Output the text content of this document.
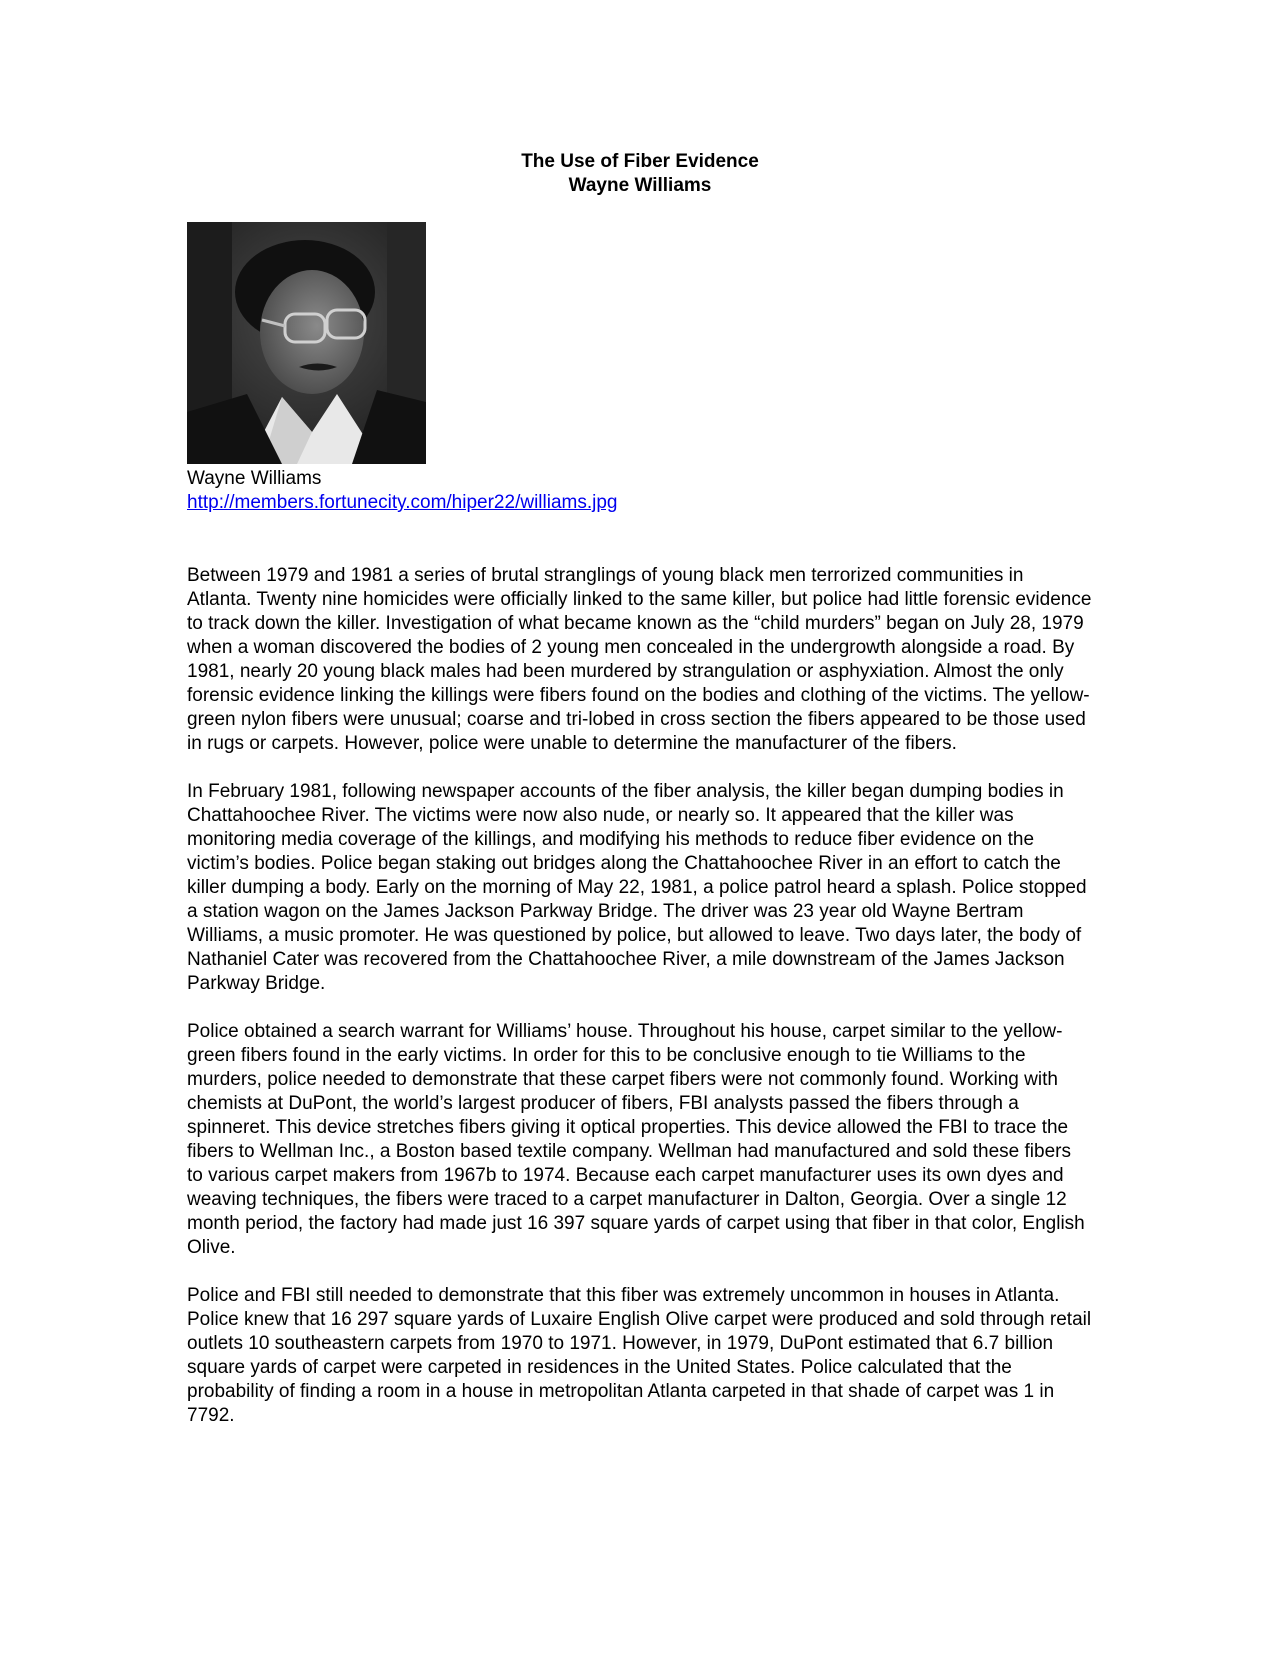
The Use of Fiber Evidence
Wayne Williams
Wayne Williams
http://members.fortunecity.com/hiper22/williams.jpg

Between 1979 and 1981 a series of brutal stranglings of young black men terrorized communities in Atlanta. Twenty nine homicides were officially linked to the same killer, but police had little forensic evidence to track down the killer. Investigation of what became known as the “child murders” began on July 28, 1979 when a woman discovered the bodies of 2 young men concealed in the undergrowth alongside a road. By 1981, nearly 20 young black males had been murdered by strangulation or asphyxiation. Almost the only forensic evidence linking the killings were fibers found on the bodies and clothing of the victims. The yellow-green nylon fibers were unusual; coarse and tri-lobed in cross section the fibers appeared to be those used in rugs or carpets. However, police were unable to determine the manufacturer of the fibers.

In February 1981, following newspaper accounts of the fiber analysis, the killer began dumping bodies in Chattahoochee River. The victims were now also nude, or nearly so. It appeared that the killer was monitoring media coverage of the killings, and modifying his methods to reduce fiber evidence on the victim’s bodies. Police began staking out bridges along the Chattahoochee River in an effort to catch the killer dumping a body. Early on the morning of May 22, 1981, a police patrol heard a splash. Police stopped a station wagon on the James Jackson Parkway Bridge. The driver was 23 year old Wayne Bertram Williams, a music promoter. He was questioned by police, but allowed to leave. Two days later, the body of Nathaniel Cater was recovered from the Chattahoochee River, a mile downstream of the James Jackson Parkway Bridge.

Police obtained a search warrant for Williams’ house. Throughout his house, carpet similar to the yellow-green fibers found in the early victims. In order for this to be conclusive enough to tie Williams to the murders, police needed to demonstrate that these carpet fibers were not commonly found. Working with chemists at DuPont, the world’s largest producer of fibers, FBI analysts passed the fibers through a spinneret. This device stretches fibers giving it optical properties. This device allowed the FBI to trace the fibers to Wellman Inc., a Boston based textile company. Wellman had manufactured and sold these fibers to various carpet makers from 1967b to 1974. Because each carpet manufacturer uses its own dyes and weaving techniques, the fibers were traced to a carpet manufacturer in Dalton, Georgia. Over a single 12 month period, the factory had made just 16 397 square yards of carpet using that fiber in that color, English Olive.

Police and FBI still needed to demonstrate that this fiber was extremely uncommon in houses in Atlanta. Police knew that 16 297 square yards of Luxaire English Olive carpet were produced and sold through retail outlets 10 southeastern carpets from 1970 to 1971. However, in 1979, DuPont estimated that 6.7 billion square yards of carpet were carpeted in residences in the United States. Police calculated that the probability of finding a room in a house in metropolitan Atlanta carpeted in that shade of carpet was 1 in 7792.
